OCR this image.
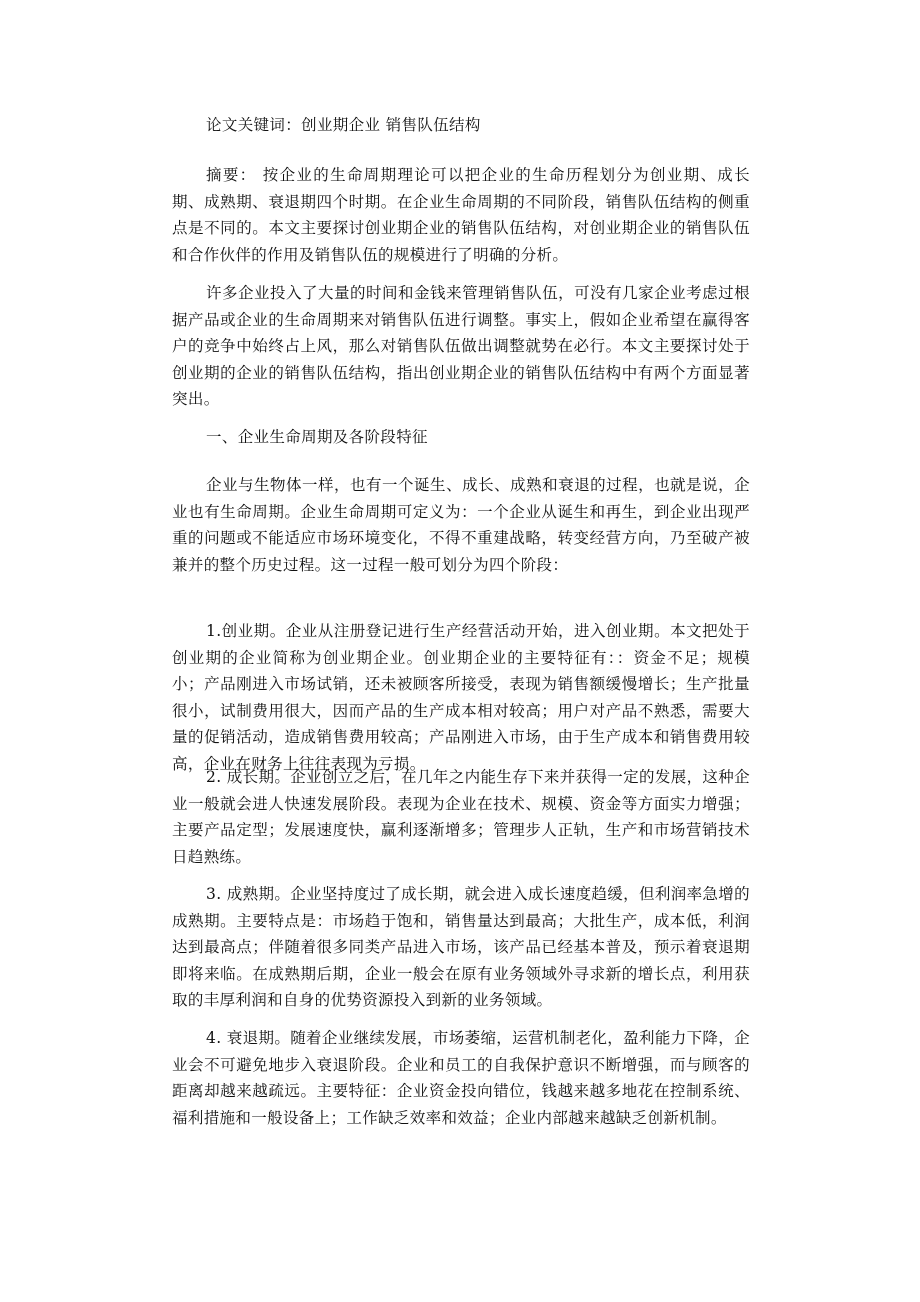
论文关键词：创业期企业 销售队伍结构

摘要： 按企业的生命周期理论可以把企业的生命历程划分为创业期、成长期、成熟期、衰退期四个时期。在企业生命周期的不同阶段，销售队伍结构的侧重点是不同的。本文主要探讨创业期企业的销售队伍结构，对创业期企业的销售队伍和合作伙伴的作用及销售队伍的规模进行了明确的分析。

许多企业投入了大量的时间和金钱来管理销售队伍，可没有几家企业考虑过根据产品或企业的生命周期来对销售队伍进行调整。事实上，假如企业希望在赢得客户的竞争中始终占上风，那么对销售队伍做出调整就势在必行。本文主要探讨处于创业期的企业的销售队伍结构，指出创业期企业的销售队伍结构中有两个方面显著突出。

一、企业生命周期及各阶段特征

企业与生物体一样，也有一个诞生、成长、成熟和衰退的过程，也就是说，企业也有生命周期。企业生命周期可定义为：一个企业从诞生和再生，到企业出现严重的问题或不能适应市场环境变化，不得不重建战略，转变经营方向，乃至破产被兼并的整个历史过程。这一过程一般可划分为四个阶段：

1.创业期。企业从注册登记进行生产经营活动开始，进入创业期。本文把处于创业期的企业简称为创业期企业。创业期企业的主要特征有：：资金不足；规模小；产品刚进入市场试销，还未被顾客所接受，表现为销售额缓慢增长；生产批量很小，试制费用很大，因而产品的生产成本相对较高；用户对产品不熟悉，需要大量的促销活动，造成销售费用较高；产品刚进入市场，由于生产成本和销售费用较高，企业在财务上往往表现为亏损。

2. 成长期。企业创立之后，在几年之内能生存下来并获得一定的发展，这种企业一般就会进人快速发展阶段。表现为企业在技术、规模、资金等方面实力增强；主要产品定型；发展速度快，赢利逐渐增多；管理步人正轨，生产和市场营销技术日趋熟练。

3. 成熟期。企业坚持度过了成长期，就会进入成长速度趋缓，但利润率急增的成熟期。主要特点是：市场趋于饱和，销售量达到最高；大批生产，成本低，利润达到最高点；伴随着很多同类产品进入市场，该产品已经基本普及，预示着衰退期即将来临。在成熟期后期，企业一般会在原有业务领域外寻求新的增长点，利用获取的丰厚利润和自身的优势资源投入到新的业务领域。

4. 衰退期。随着企业继续发展，市场萎缩，运营机制老化，盈利能力下降，企业会不可避免地步入衰退阶段。企业和员工的自我保护意识不断增强，而与顾客的距离却越来越疏远。主要特征：企业资金投向错位，钱越来越多地花在控制系统、福利措施和一般设备上；工作缺乏效率和效益；企业内部越来越缺乏创新机制。
